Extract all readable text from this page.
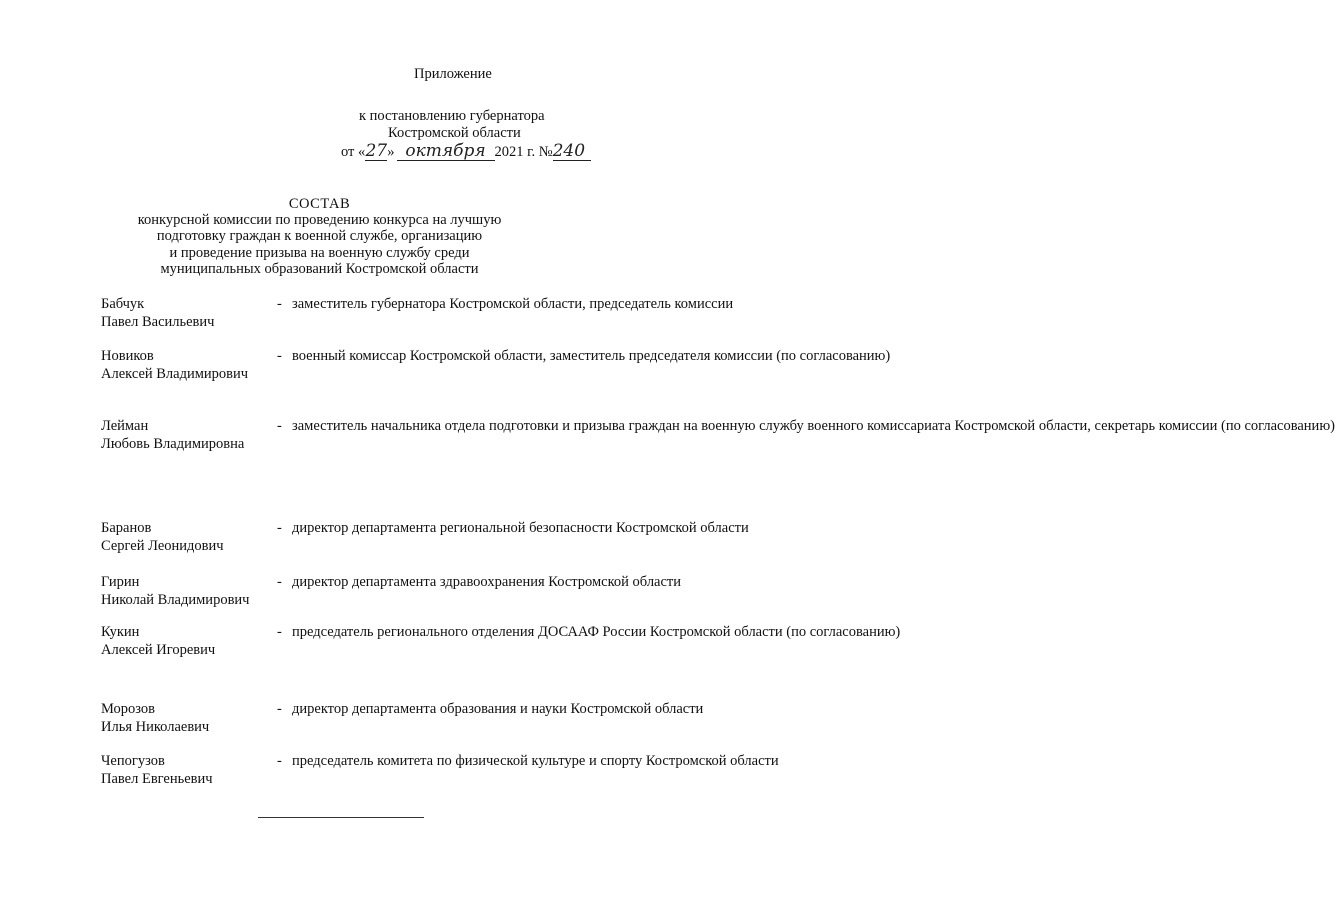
Приложение
к постановлению губернатора
Костромской области
от «27» октября 2021 г. №240
СОСТАВ
конкурсной комиссии по проведению конкурса на лучшую
подготовку граждан к военной службе, организацию
и проведение призыва на военную службу среди
муниципальных образований Костромской области
Бабчук
Павел Васильевич
- заместитель губернатора Костромской области, председатель комиссии
Новиков
Алексей Владимирович
- военный комиссар Костромской области, заместитель председателя комиссии (по согласованию)
Лейман
Любовь Владимировна
- заместитель начальника отдела подготовки и призыва граждан на военную службу военного комиссариата Костромской области, секретарь комиссии (по согласованию)
Баранов
Сергей Леонидович
- директор департамента региональной безопасности Костромской области
Гирин
Николай Владимирович
- директор департамента здравоохранения Костромской области
Кукин
Алексей Игоревич
- председатель регионального отделения ДОСААФ России Костромской области (по согласованию)
Морозов
Илья Николаевич
- директор департамента образования и науки Костромской области
Чепогузов
Павел Евгеньевич
- председатель комитета по физической культуре и спорту Костромской области
